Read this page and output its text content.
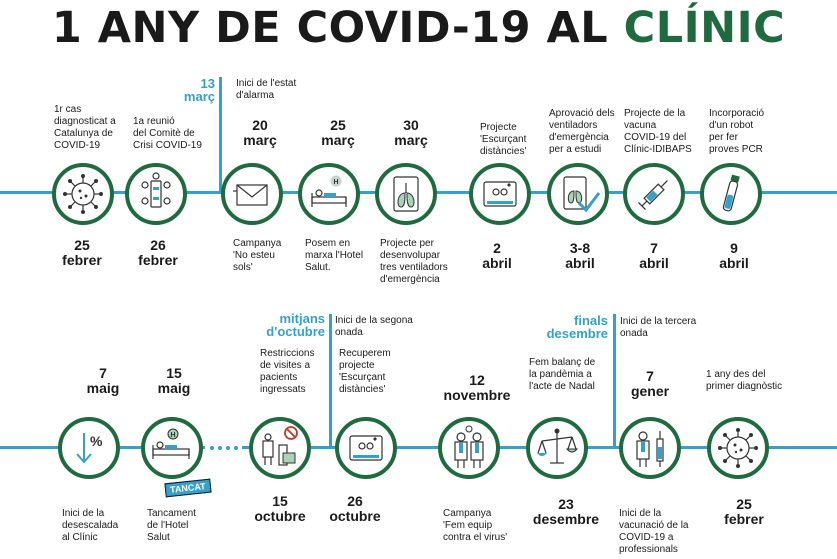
1 ANY DE COVID-19 AL CLÍNIC
13
març
Inici de l'estat
d'alarma
H
1r cas
diagnosticat a
Catalunya de
COVID-19
1a reunió
del Comitè de
Crisi COVID-19
20
març
25
març
30
març
Projecte
'Escurçant
distàncies'
Aprovació dels
ventiladors
d'emergència
per a estudi
Projecte de la
vacuna
COVID-19 del
Clínic-IDIBAPS
Incorporació
d'un robot
per fer
proves PCR
25
febrer
26
febrer
Campanya
'No esteu
sols'
Posem en
marxa l'Hotel
Salut.
Projecte per
desenvolupar
tres ventiladors
d'emergència
2
abril
3-8
abril
7
abril
9
abril
mitjans
d'octubre
Inici de la segona
onada
finals
desembre
Inici de la tercera
onada
%	H
TANCAT
7
maig
15
maig
Restriccions
de visites a
pacients
ingressats
Recuperem
projecte
'Escurçant
distàncies'
12
novembre
Fem balanç de
la pandèmia a
l'acte de Nadal
7
gener
1 any des del
primer diagnòstic
Inici de la
desescalada
al Clínic
Tancament
de l'Hotel
Salut
15
octubre
26
octubre	Campanya
'Fem equip
contra el virus'
23
desembre	Inici de la
vacunació de la
COVID-19 a
professionals
25
febrer
